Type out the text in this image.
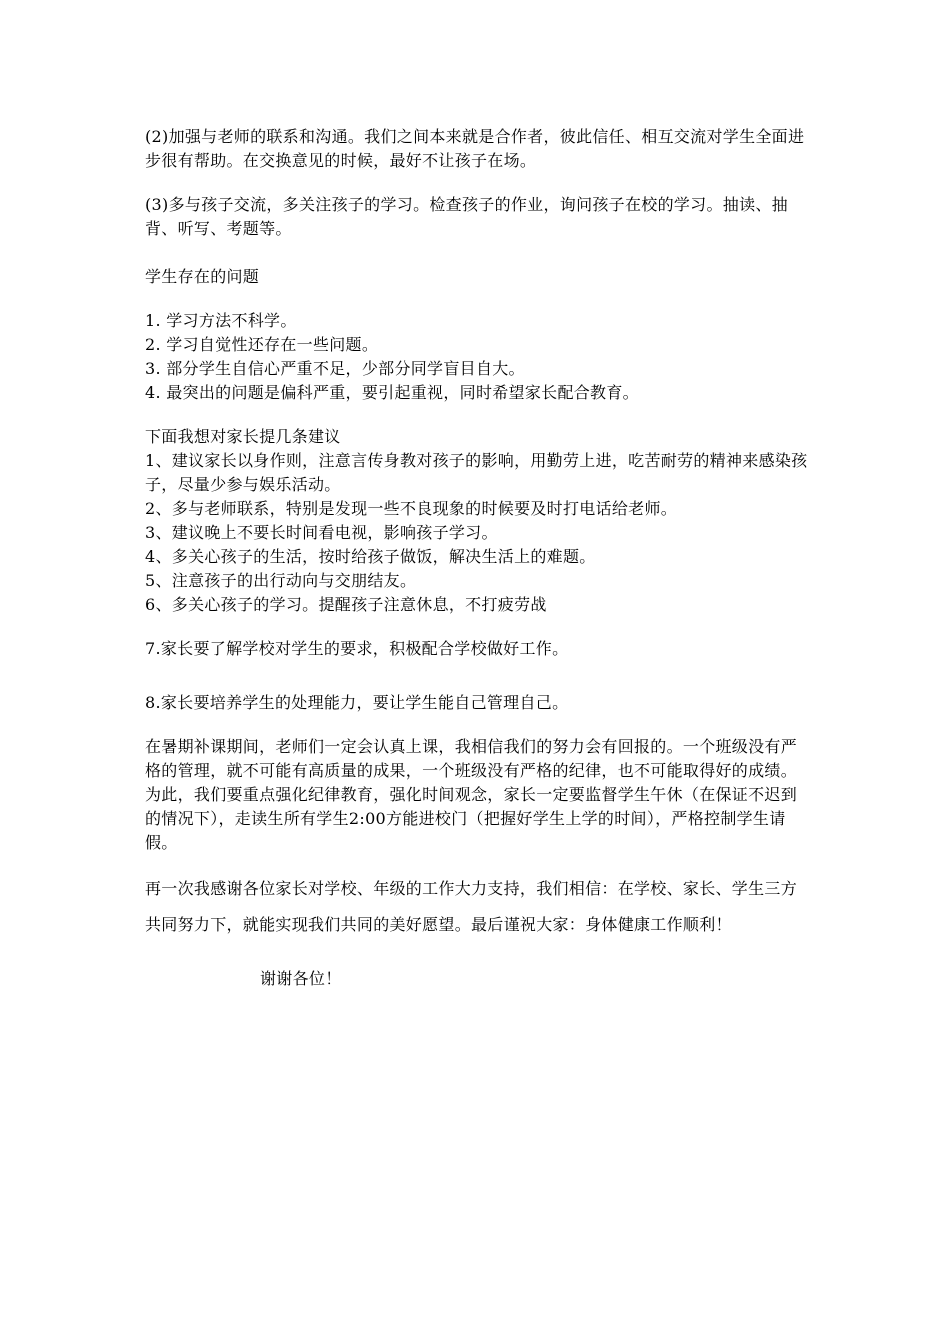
(2)加强与老师的联系和沟通。我们之间本来就是合作者，彼此信任、相互交流对学生全面进步很有帮助。在交换意见的时候，最好不让孩子在场。

(3)多与孩子交流，多关注孩子的学习。检查孩子的作业，询问孩子在校的学习。抽读、抽背、听写、考题等。

学生存在的问题

1. 学习方法不科学。
2. 学习自觉性还存在一些问题。
3. 部分学生自信心严重不足，少部分同学盲目自大。
4. 最突出的问题是偏科严重，要引起重视，同时希望家长配合教育。

下面我想对家长提几条建议

1、建议家长以身作则，注意言传身教对孩子的影响，用勤劳上进，吃苦耐劳的精神来感染孩子，尽量少参与娱乐活动。
2、多与老师联系，特别是发现一些不良现象的时候要及时打电话给老师。
3、建议晚上不要长时间看电视，影响孩子学习。
4、多关心孩子的生活，按时给孩子做饭，解决生活上的难题。
5、注意孩子的出行动向与交朋结友。
6、多关心孩子的学习。提醒孩子注意休息，不打疲劳战

7.家长要了解学校对学生的要求，积极配合学校做好工作。

8.家长要培养学生的处理能力，要让学生能自己管理自己。

在暑期补课期间，老师们一定会认真上课，我相信我们的努力会有回报的。一个班级没有严格的管理，就不可能有高质量的成果，一个班级没有严格的纪律，也不可能取得好的成绩。为此，我们要重点强化纪律教育，强化时间观念，家长一定要监督学生午休（在保证不迟到的情况下），走读生所有学生2:00方能进校门（把握好学生上学的时间），严格控制学生请假。

再一次我感谢各位家长对学校、年级的工作大力支持，我们相信：在学校、家长、学生三方共同努力下，就能实现我们共同的美好愿望。最后谨祝大家：身体健康工作顺利！

谢谢各位！
